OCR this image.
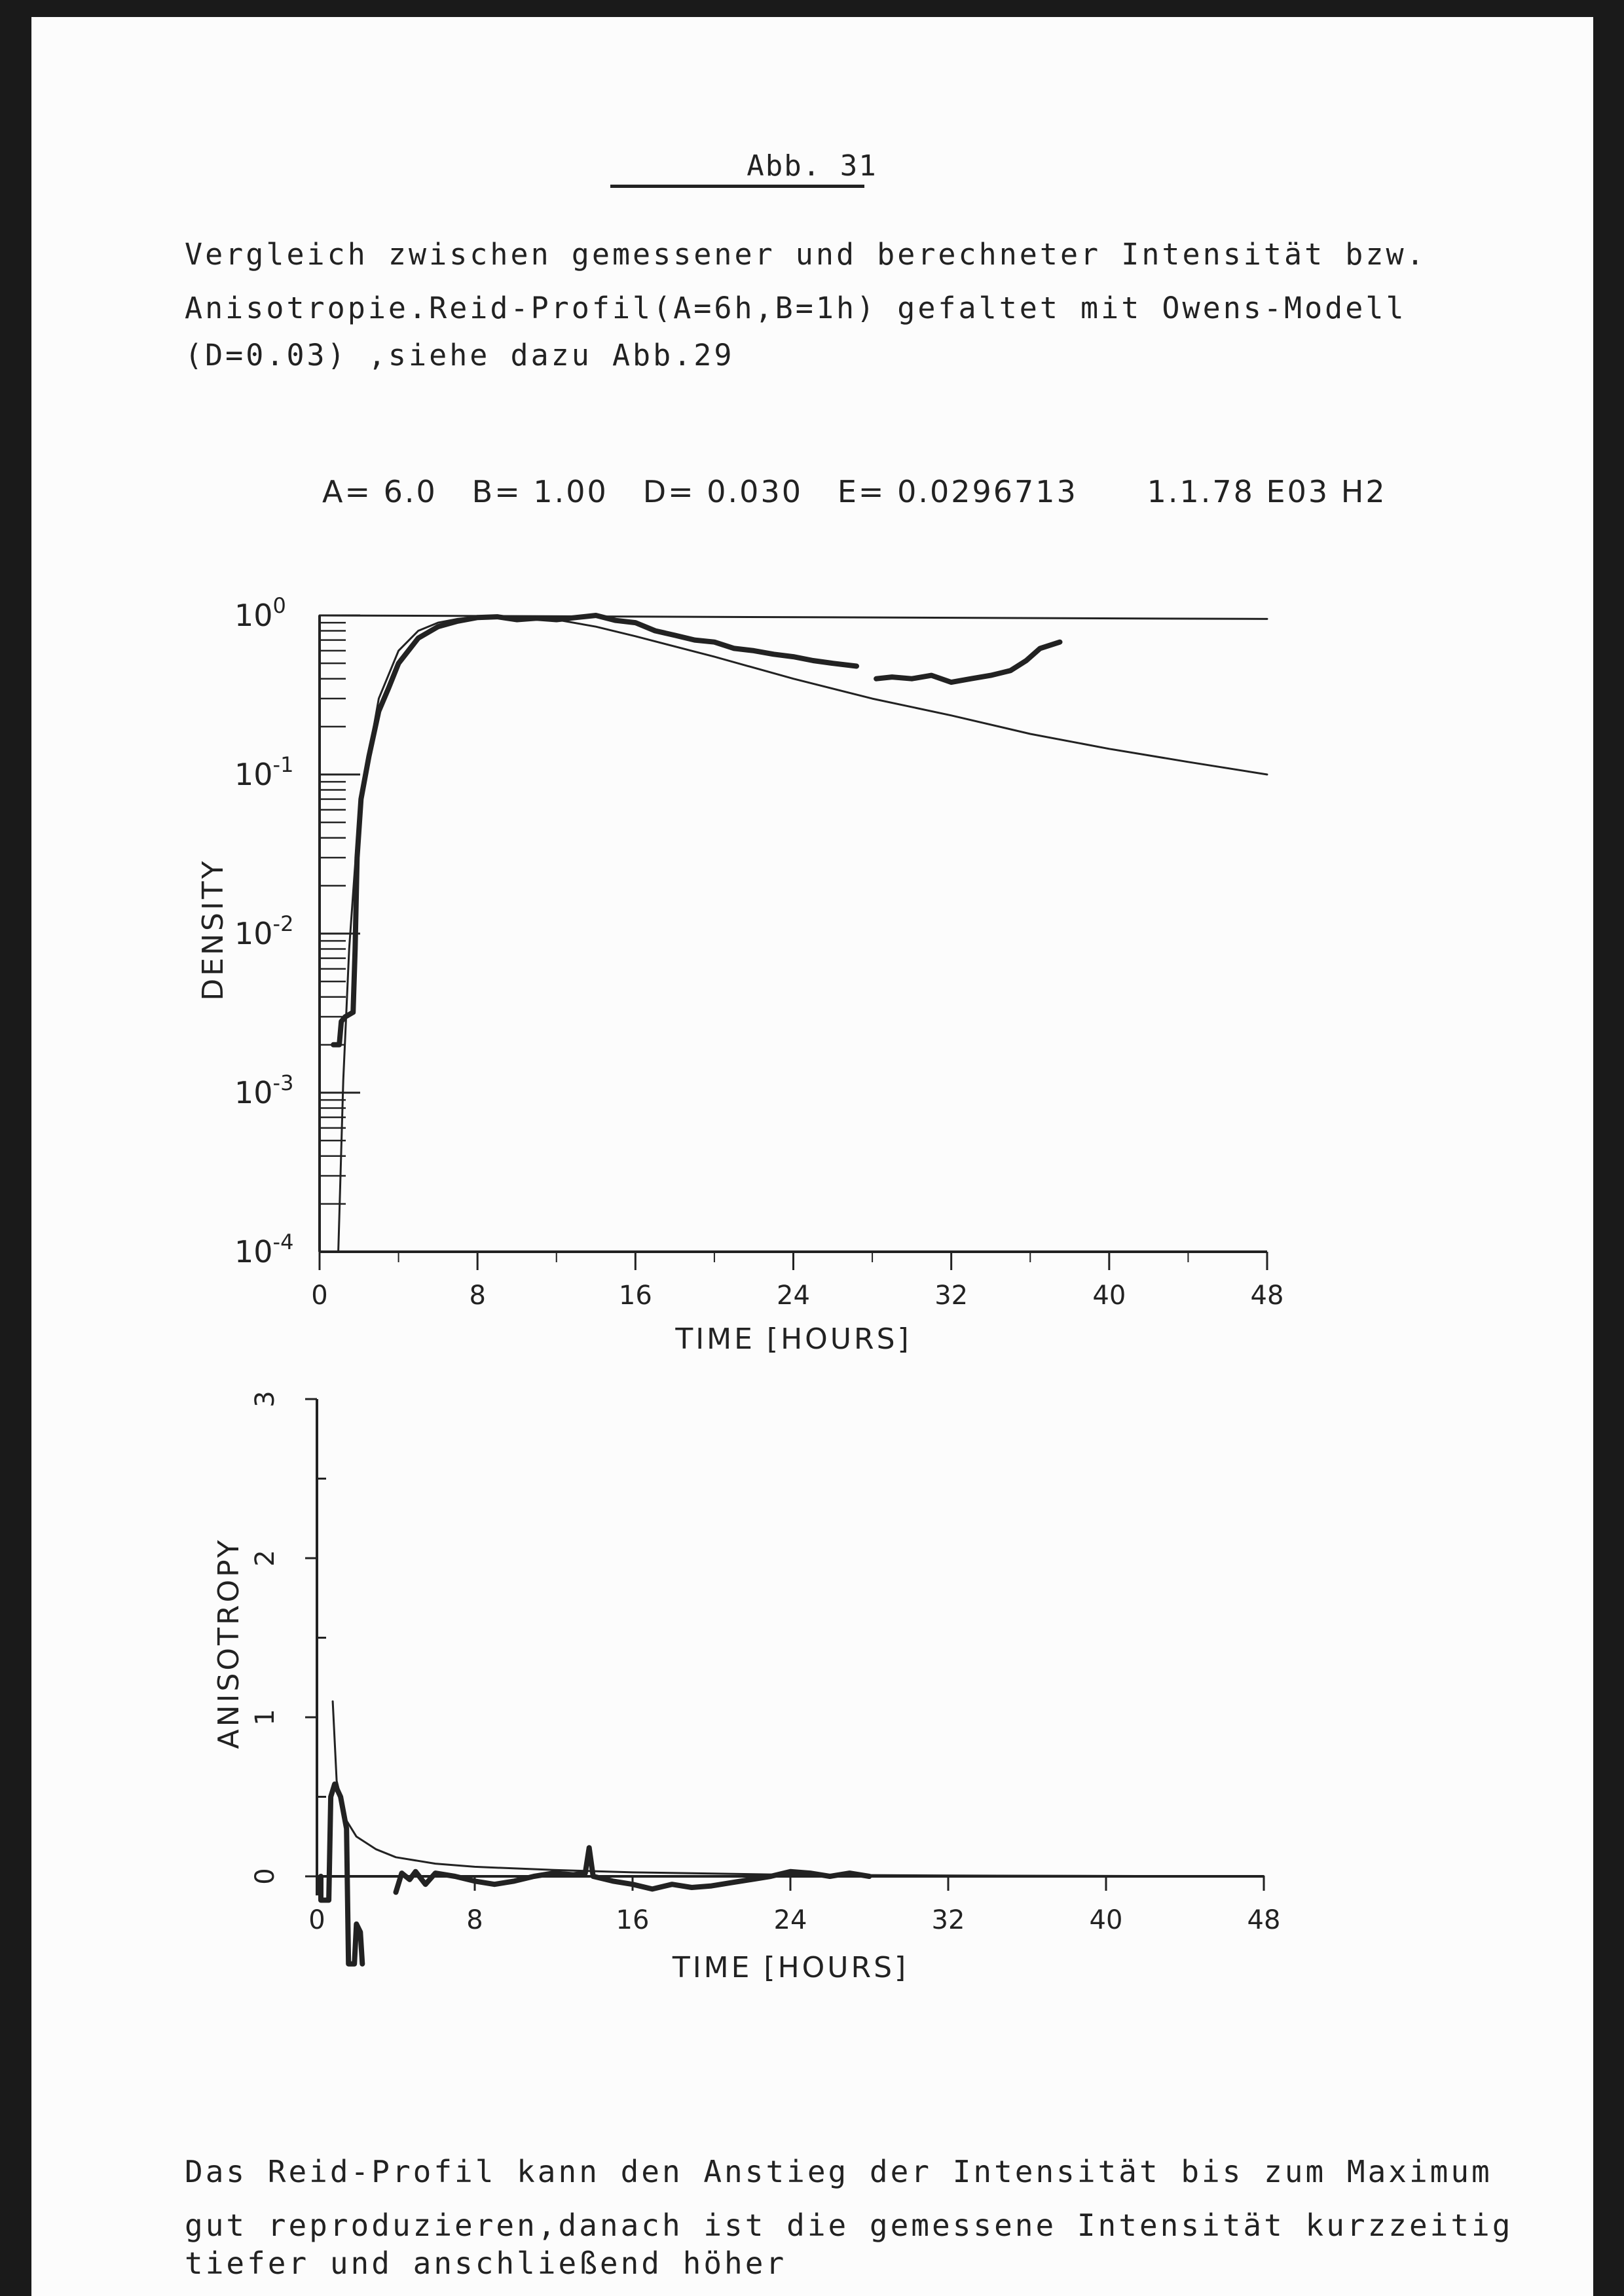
Abb. 31
Vergleich zwischen gemessener und berechneter Intensität bzw.
Anisotropie.Reid-Profil(A=6h,B=1h) gefaltet mit Owens-Modell
(D=0.03) ,siehe dazu Abb.29
A= 6.0 B= 1.00 D= 0.030 E= 0.0296713 1.1.78 E03 H2
$10^0$
$10^{-1}$
$10^{-2}$
$10^{-3}$
$10^{-4}$
0	8	16	24	32	40	48
TIME [HOURS]
DENSITY
0
1
2
3
0	8	16	24	32	40	48
TIME [HOURS]
ANISOTROPY
Das Reid-Profil kann den Anstieg der Intensität bis zum Maximum
gut reproduzieren,danach ist die gemessene Intensität kurzzeitig
tiefer und anschließend höher
